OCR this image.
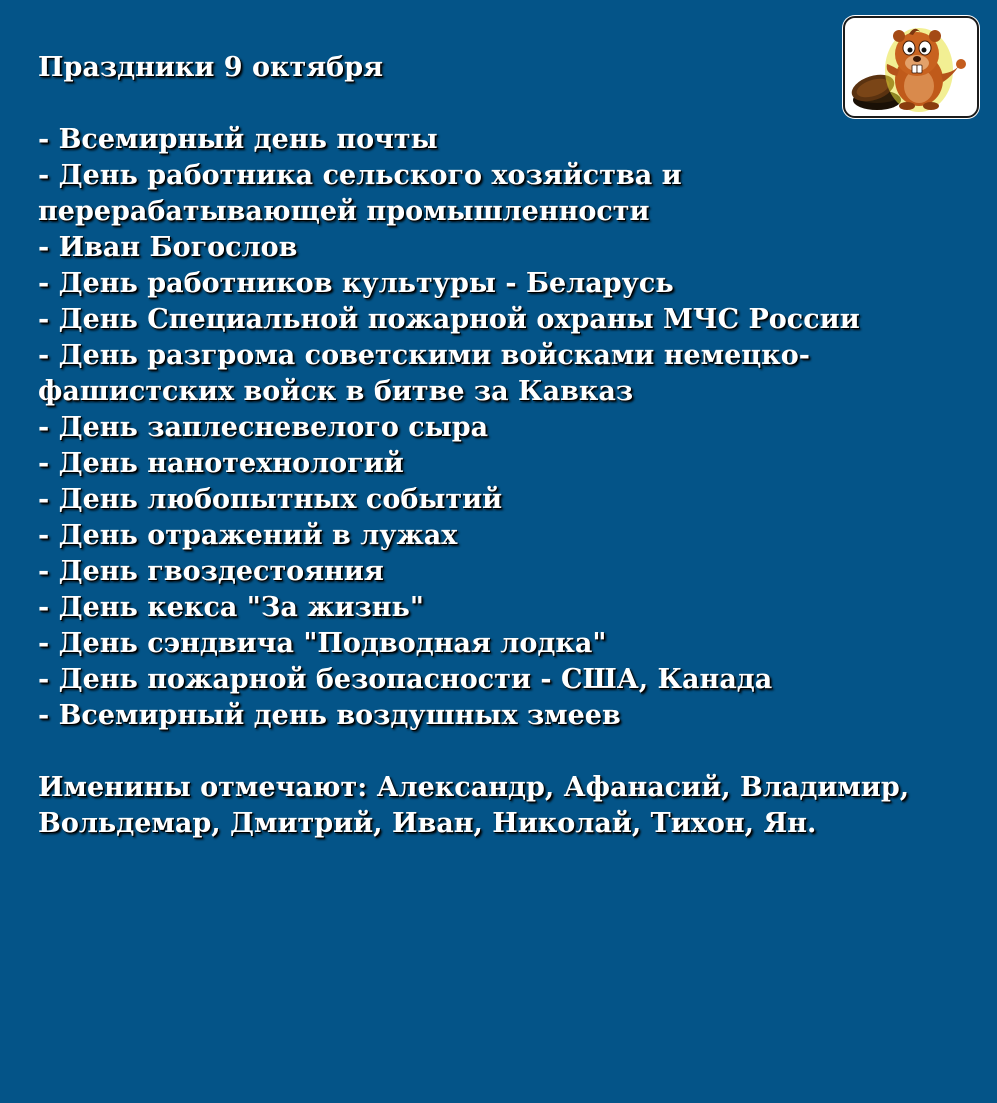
Праздники 9 октября
- Всемирный день почты
- День работника сельского хозяйства и перерабатывающей промышленности
- Иван Богослов
- День работников культуры - Беларусь
- День Специальной пожарной охраны МЧС России
- День разгрома советскими войсками немецко-фашистских войск в битве за Кавказ
- День заплесневелого сыра
- День нанотехнологий
- День любопытных событий
- День отражений в лужах
- День гвоздестояния
- День кекса "За жизнь"
- День сэндвича "Подводная лодка"
- День пожарной безопасности - США, Канада
- Всемирный день воздушных змеев
Именины отмечают: Александр, Афанасий, Владимир, Вольдемар, Дмитрий, Иван, Николай, Тихон, Ян.
